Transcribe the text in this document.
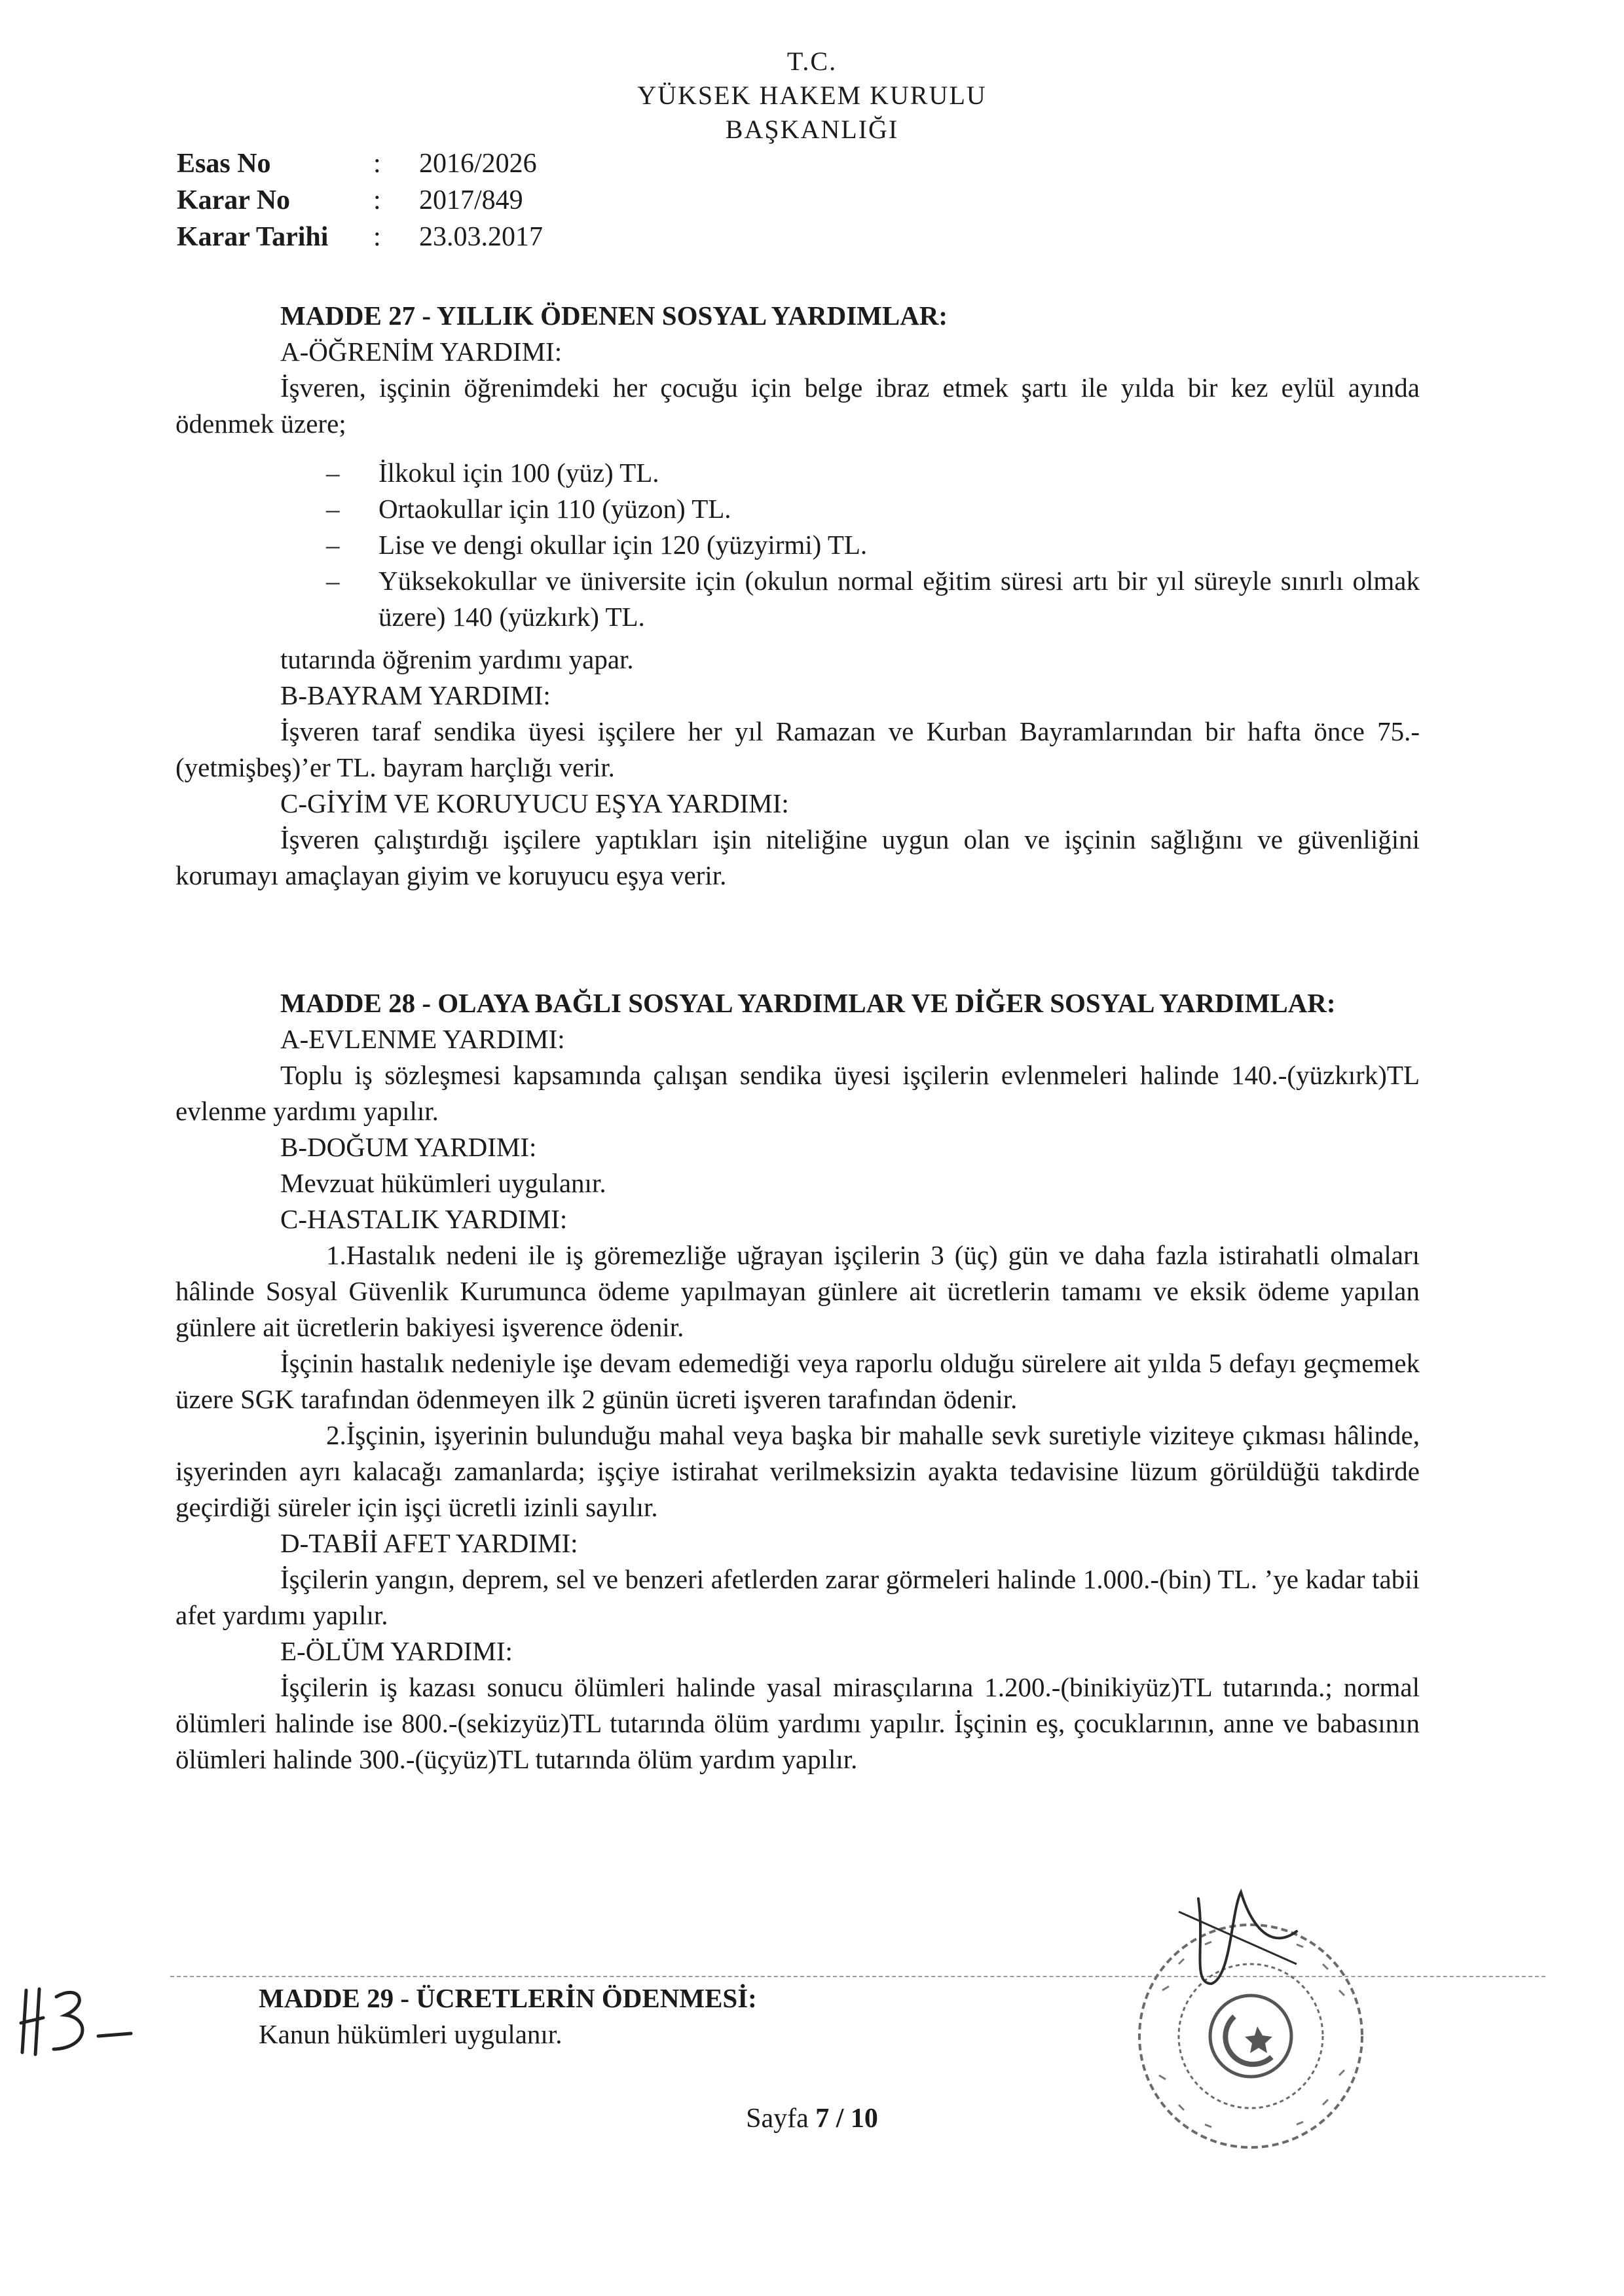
T.C.
YÜKSEK HAKEM KURULU
BAŞKANLIĞI
Esas No	:	2016/2026
Karar No	:	2017/849
Karar Tarihi	:	23.03.2017
MADDE 27 - YILLIK ÖDENEN SOSYAL YARDIMLAR:
A-ÖĞRENİM YARDIMI:
İşveren, işçinin öğrenimdeki her çocuğu için belge ibraz etmek şartı ile yılda bir kez eylül ayında ödenmek üzere;
– İlkokul için 100 (yüz) TL.
– Ortaokullar için 110 (yüzon) TL.
– Lise ve dengi okullar için 120 (yüzyirmi) TL.
– Yüksekokullar ve üniversite için (okulun normal eğitim süresi artı bir yıl süreyle sınırlı olmak üzere) 140 (yüzkırk) TL.
tutarında öğrenim yardımı yapar.
B-BAYRAM YARDIMI:
İşveren taraf sendika üyesi işçilere her yıl Ramazan ve Kurban Bayramlarından bir hafta önce 75.-(yetmişbeş)’er TL. bayram harçlığı verir.
C-GİYİM VE KORUYUCU EŞYA YARDIMI:
İşveren çalıştırdığı işçilere yaptıkları işin niteliğine uygun olan ve işçinin sağlığını ve güvenliğini korumayı amaçlayan giyim ve koruyucu eşya verir.
MADDE 28 - OLAYA BAĞLI SOSYAL YARDIMLAR VE DİĞER SOSYAL YARDIMLAR:
A-EVLENME YARDIMI:
Toplu iş sözleşmesi kapsamında çalışan sendika üyesi işçilerin evlenmeleri halinde 140.-(yüzkırk)TL evlenme yardımı yapılır.
B-DOĞUM YARDIMI:
Mevzuat hükümleri uygulanır.
C-HASTALIK YARDIMI:
1.Hastalık nedeni ile iş göremezliğe uğrayan işçilerin 3 (üç) gün ve daha fazla istirahatli olmaları hâlinde Sosyal Güvenlik Kurumunca ödeme yapılmayan günlere ait ücretlerin tamamı ve eksik ödeme yapılan günlere ait ücretlerin bakiyesi işverence ödenir.
İşçinin hastalık nedeniyle işe devam edemediği veya raporlu olduğu sürelere ait yılda 5 defayı geçmemek üzere SGK tarafından ödenmeyen ilk 2 günün ücreti işveren tarafından ödenir.
2.İşçinin, işyerinin bulunduğu mahal veya başka bir mahalle sevk suretiyle viziteye çıkması hâlinde, işyerinden ayrı kalacağı zamanlarda; işçiye istirahat verilmeksizin ayakta tedavisine lüzum görüldüğü takdirde geçirdiği süreler için işçi ücretli izinli sayılır.
D-TABİİ AFET YARDIMI:
İşçilerin yangın, deprem, sel ve benzeri afetlerden zarar görmeleri halinde 1.000.-(bin) TL. ’ye kadar tabii afet yardımı yapılır.
E-ÖLÜM YARDIMI:
İşçilerin iş kazası sonucu ölümleri halinde yasal mirasçılarına 1.200.-(binikiyüz)TL tutarında.; normal ölümleri halinde ise 800.-(sekizyüz)TL tutarında ölüm yardımı yapılır. İşçinin eş, çocuklarının, anne ve babasının ölümleri halinde 300.-(üçyüz)TL tutarında ölüm yardım yapılır.
MADDE 29 - ÜCRETLERİN ÖDENMESİ:
Kanun hükümleri uygulanır.
Sayfa 7 / 10
